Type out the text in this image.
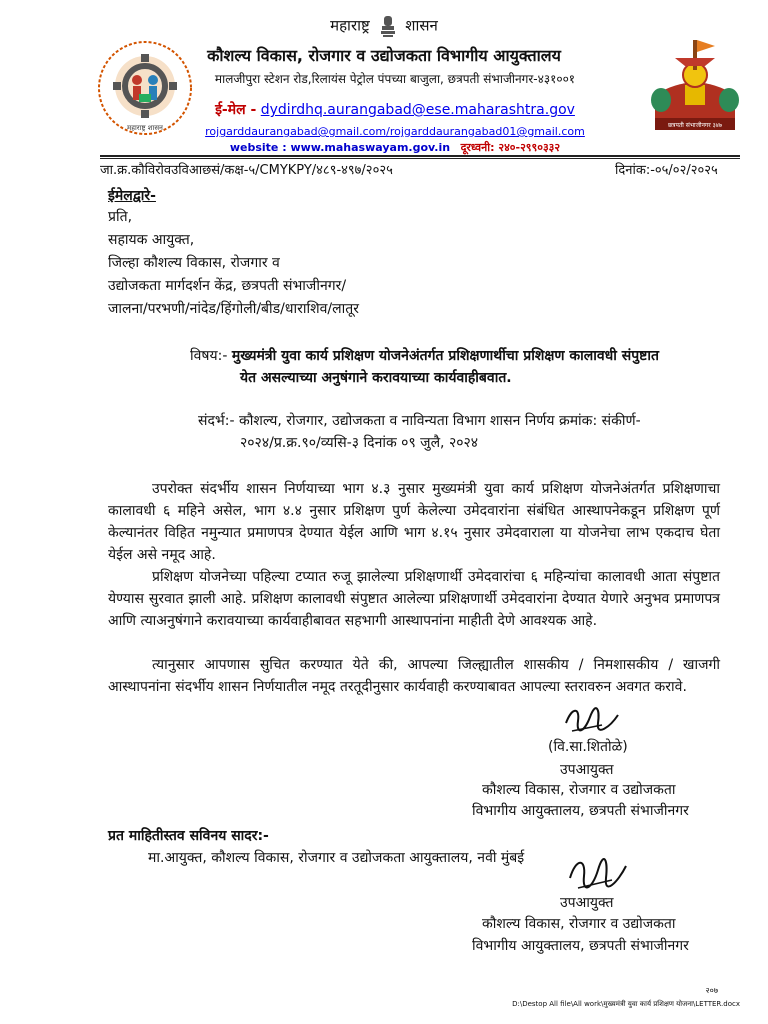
महाराष्ट्र शासन
कौशल्य विकास, रोजगार व उद्योजकता विभागीय आयुक्तालय
मालजीपुरा स्टेशन रोड,रिलायंस पेट्रोल पंपच्या बाजुला, छत्रपती संभाजीनगर-४३१००१
ई-मेल - dydirdhq.aurangabad@ese.maharashtra.gov
rojgarddaurangabad@gmail.com/rojgarddaurangabad01@gmail.com
website : www.mahaswayam.gov.in दूरध्वनी: २४०-२९९०३३२
महाराष्ट्र शासन	छत्रपती संभाजीनगर ३४७
जा.क्र.कौविरोवउविआछसं/कक्ष-५/CMYKPY/४८९-४९७/२०२५	दिनांक:-०५/०२/२०२५
ईमेलद्वारे-
प्रति,
सहायक आयुक्त,
जिल्हा कौशल्य विकास, रोजगार व
उद्योजकता मार्गदर्शन केंद्र, छत्रपती संभाजीनगर/
जालना/परभणी/नांदेड/हिंगोली/बीड/धाराशिव/लातूर
विषय:- मुख्यमंत्री युवा कार्य प्रशिक्षण योजनेअंतर्गत प्रशिक्षणार्थीचा प्रशिक्षण कालावधी संपुष्टात
येत असल्याच्या अनुषंगाने करावयाच्या कार्यवाहीबवात.
संदर्भ:- कौशल्य, रोजगार, उद्योजकता व नाविन्यता विभाग शासन निर्णय क्रमांक: संकीर्ण-
२०२४/प्र.क्र.९०/व्यसि-३ दिनांक ०९ जुलै, २०२४
उपरोक्त संदर्भीय शासन निर्णयाच्या भाग ४.३ नुसार मुख्यमंत्री युवा कार्य प्रशिक्षण योजनेअंतर्गत प्रशिक्षणाचा कालावधी ६ महिने असेल, भाग ४.४ नुसार प्रशिक्षण पुर्ण केलेल्या उमेदवारांना संबंधित आस्थापनेकडून प्रशिक्षण पूर्ण केल्यानंतर विहित नमुन्यात प्रमाणपत्र देण्यात येईल आणि भाग ४.१५ नुसार उमेदवाराला या योजनेचा लाभ एकदाच घेता येईल असे नमूद आहे.
प्रशिक्षण योजनेच्या पहिल्या टप्यात रुजू झालेल्या प्रशिक्षणार्थी उमेदवारांचा ६ महिन्यांचा कालावधी आता संपुष्टात येण्यास सुरवात झाली आहे. प्रशिक्षण कालावधी संपुष्टात आलेल्या प्रशिक्षणार्थी उमेदवारांना देण्यात येणारे अनुभव प्रमाणपत्र आणि त्याअनुषंगाने करावयाच्या कार्यवाहीबावत सहभागी आस्थापनांना माहीती देणे आवश्यक आहे.
त्यानुसार आपणास सुचित करण्यात येते की, आपल्या जिल्ह्यातील शासकीय / निमशासकीय / खाजगी आस्थापनांना संदर्भीय शासन निर्णयातील नमूद तरतूदीनुसार कार्यवाही करण्याबावत आपल्या स्तरावरुन अवगत करावे.
(वि.सा.शितोळे)
उपआयुक्त
कौशल्य विकास, रोजगार व उद्योजकता
विभागीय आयुक्तालय, छत्रपती संभाजीनगर
प्रत माहितीस्तव सविनय सादर:-
मा.आयुक्त, कौशल्य विकास, रोजगार व उद्योजकता आयुक्तालय, नवी मुंबई
उपआयुक्त
कौशल्य विकास, रोजगार व उद्योजकता
विभागीय आयुक्तालय, छत्रपती संभाजीनगर
२०७
D:\Destop All file\All work\मुख्यमंत्री युवा कार्य प्रशिक्षण योजना\LETTER.docx
